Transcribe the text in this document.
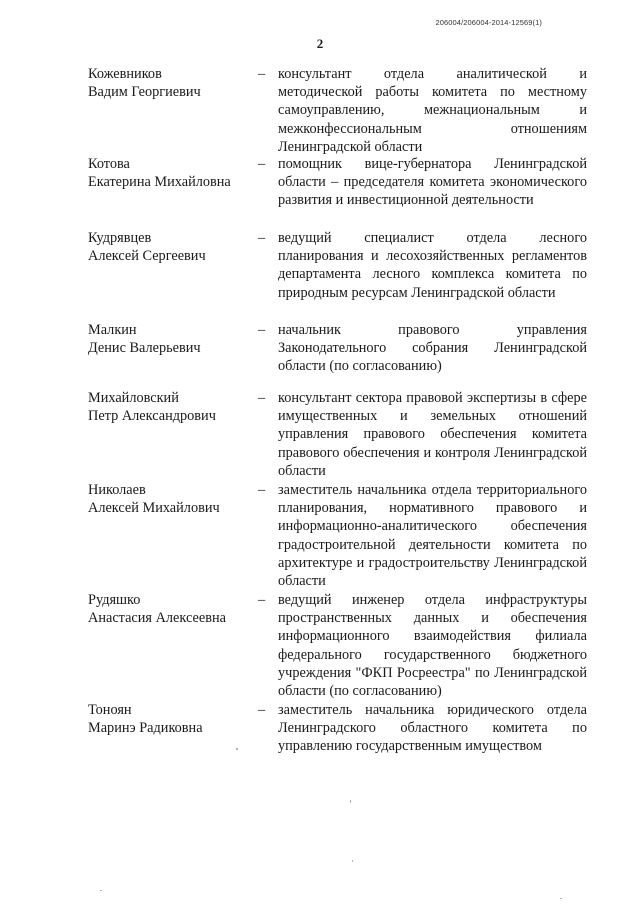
206004/206004-2014-12569(1)
2
Кожевников
Вадим Георгиевич
– консультант отдела аналитической и методической работы комитета по местному самоуправлению, межнациональным и межконфессиональным отношениям Ленинградской области
Котова
Екатерина Михайловна
– помощник вице-губернатора Ленинградской области – председателя комитета экономического развития и инвестиционной деятельности
Кудрявцев
Алексей Сергеевич
– ведущий специалист отдела лесного планирования и лесохозяйственных регламентов департамента лесного комплекса комитета по природным ресурсам Ленинградской области
Малкин
Денис Валерьевич
– начальник правового управления Законодательного собрания Ленинградской области (по согласованию)
Михайловский
Петр Александрович
– консультант сектора правовой экспертизы в сфере имущественных и земельных отношений управления правового обеспечения комитета правового обеспечения и контроля Ленинградской области
Николаев
Алексей Михайлович
– заместитель начальника отдела территориального планирования, нормативного правового и информационно-аналитического обеспечения градостроительной деятельности комитета по архитектуре и градостроительству Ленинградской области
Рудяшко
Анастасия Алексеевна
– ведущий инженер отдела инфраструктуры пространственных данных и обеспечения информационного взаимодействия филиала федерального государственного бюджетного учреждения "ФКП Росреестра" по Ленинградской области (по согласованию)
Тоноян
Маринэ Радиковна
– заместитель начальника юридического отдела Ленинградского областного комитета по управлению государственным имуществом
